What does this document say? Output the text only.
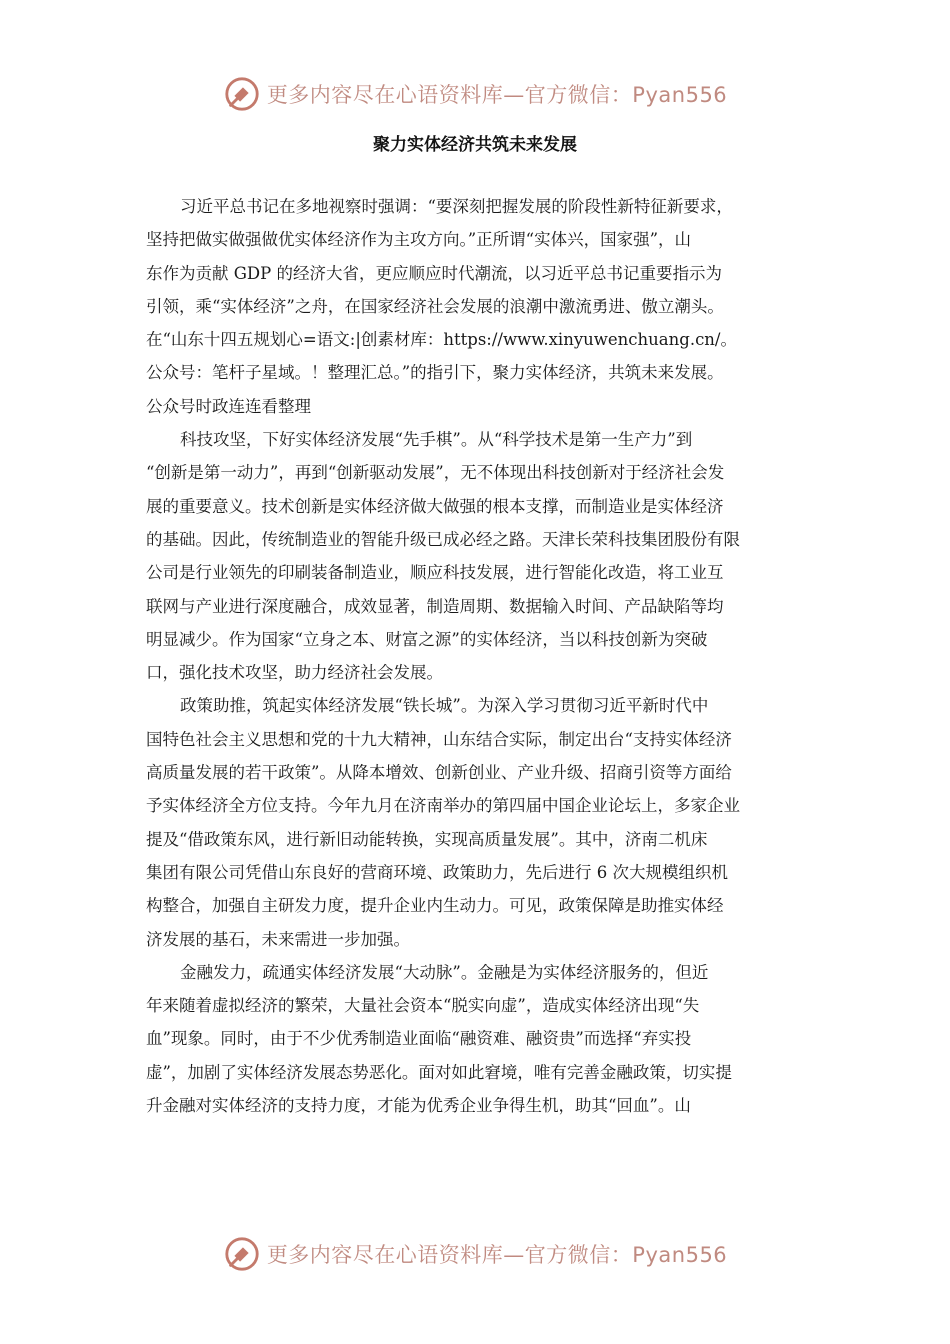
更多内容尽在心语资料库—官方微信：Pyan556
聚力实体经济共筑未来发展
习近平总书记在多地视察时强调：“要深刻把握发展的阶段性新特征新要求，
坚持把做实做强做优实体经济作为主攻方向。”正所谓“实体兴，国家强”，山
东作为贡献 GDP 的经济大省，更应顺应时代潮流，以习近平总书记重要指示为
引领，乘“实体经济”之舟，在国家经济社会发展的浪潮中激流勇进、傲立潮头。
在“山东十四五规划心=语文:|创素材库：https://www.xinyuwenchuang.cn/。
公众号：笔杆子星域。！整理汇总。”的指引下，聚力实体经济，共筑未来发展。
公众号时政连连看整理
科技攻坚，下好实体经济发展“先手棋”。从“科学技术是第一生产力”到
“创新是第一动力”，再到“创新驱动发展”，无不体现出科技创新对于经济社会发
展的重要意义。技术创新是实体经济做大做强的根本支撑，而制造业是实体经济
的基础。因此，传统制造业的智能升级已成必经之路。天津长荣科技集团股份有限
公司是行业领先的印刷装备制造业，顺应科技发展，进行智能化改造，将工业互
联网与产业进行深度融合，成效显著，制造周期、数据输入时间、产品缺陷等均
明显减少。作为国家“立身之本、财富之源”的实体经济，当以科技创新为突破
口，强化技术攻坚，助力经济社会发展。
政策助推，筑起实体经济发展“铁长城”。为深入学习贯彻习近平新时代中
国特色社会主义思想和党的十九大精神，山东结合实际，制定出台“支持实体经济
高质量发展的若干政策”。从降本增效、创新创业、产业升级、招商引资等方面给
予实体经济全方位支持。今年九月在济南举办的第四届中国企业论坛上，多家企业
提及“借政策东风，进行新旧动能转换，实现高质量发展”。其中，济南二机床
集团有限公司凭借山东良好的营商环境、政策助力，先后进行 6 次大规模组织机
构整合，加强自主研发力度，提升企业内生动力。可见，政策保障是助推实体经
济发展的基石，未来需进一步加强。
金融发力，疏通实体经济发展“大动脉”。金融是为实体经济服务的，但近
年来随着虚拟经济的繁荣，大量社会资本“脱实向虚”，造成实体经济出现“失
血”现象。同时，由于不少优秀制造业面临“融资难、融资贵”而选择“弃实投
虚”，加剧了实体经济发展态势恶化。面对如此窘境，唯有完善金融政策，切实提
升金融对实体经济的支持力度，才能为优秀企业争得生机，助其“回血”。山
更多内容尽在心语资料库—官方微信：Pyan556
